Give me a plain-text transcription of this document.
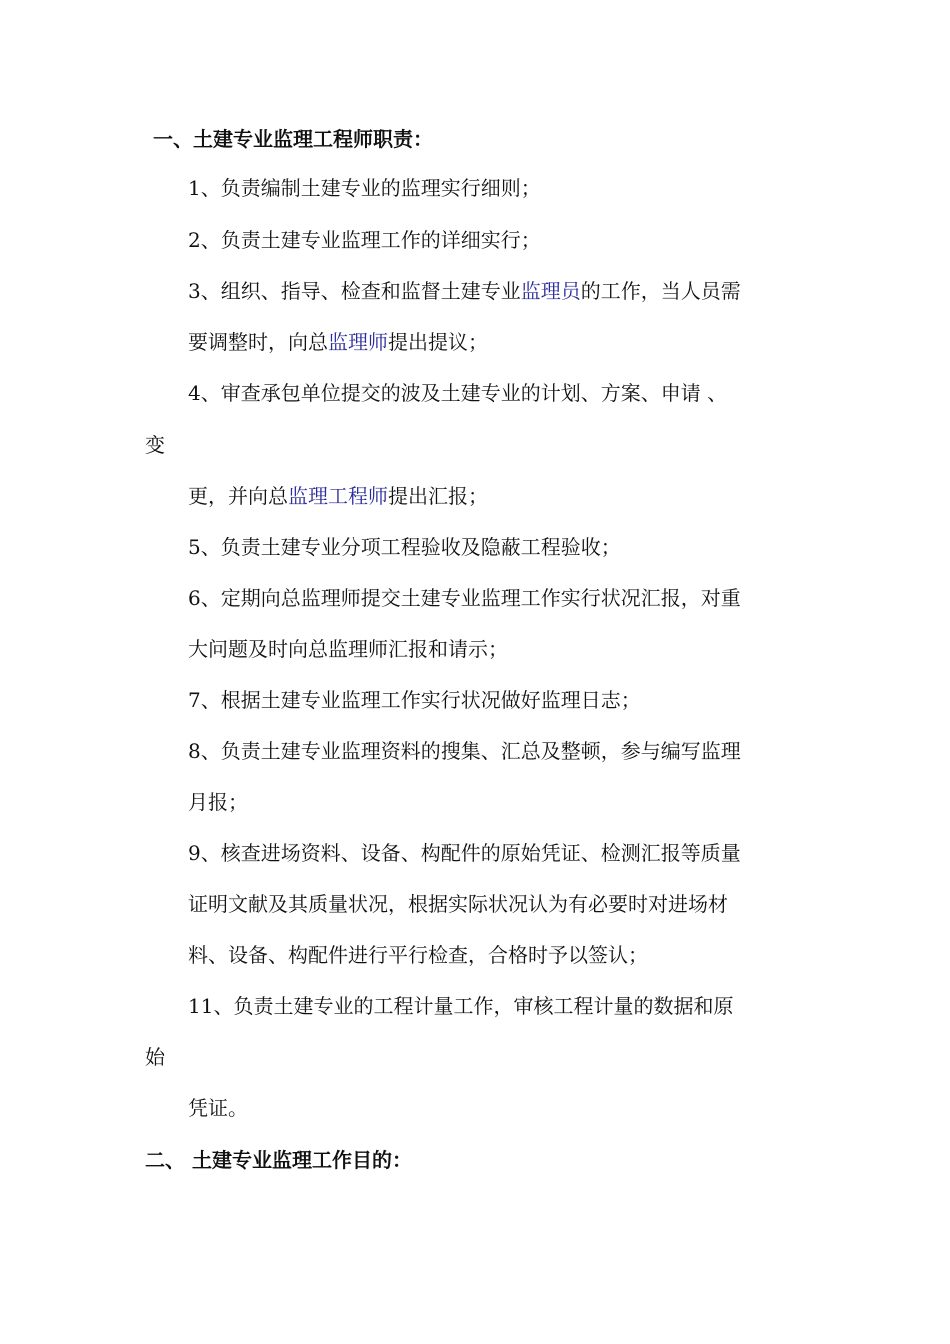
一、土建专业监理工程师职责：
1、负责编制土建专业的监理实行细则；
2、负责土建专业监理工作的详细实行；
3、组织、指导、检查和监督土建专业监理员的工作，当人员需
要调整时，向总监理师提出提议；
4、审查承包单位提交的波及土建专业的计划、方案、申请 、
变
更，并向总监理工程师提出汇报；
5、负责土建专业分项工程验收及隐蔽工程验收；
6、定期向总监理师提交土建专业监理工作实行状况汇报，对重
大问题及时向总监理师汇报和请示；
7、根据土建专业监理工作实行状况做好监理日志；
8、负责土建专业监理资料的搜集、汇总及整顿，参与编写监理
月报；
9、核查进场资料、设备、构配件的原始凭证、检测汇报等质量
证明文献及其质量状况，根据实际状况认为有必要时对进场材
料、设备、构配件进行平行检查，合格时予以签认；
11、负责土建专业的工程计量工作，审核工程计量的数据和原
始
凭证。
二、 土建专业监理工作目的：
